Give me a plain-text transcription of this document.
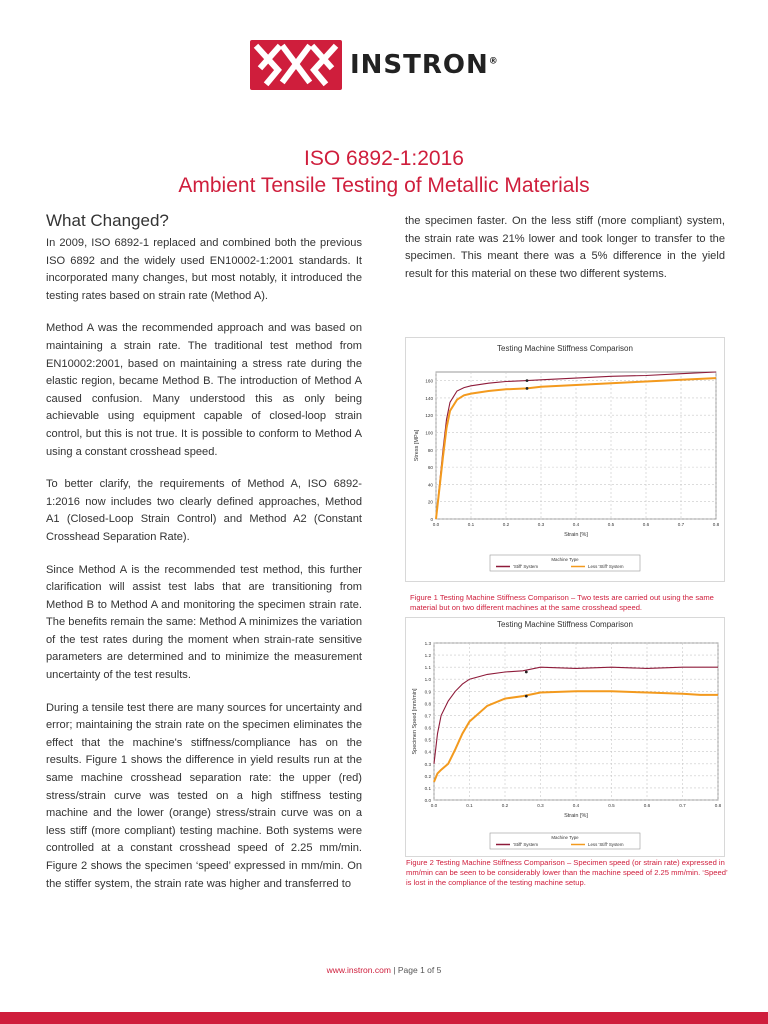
INSTRON®
ISO 6892-1:2016
Ambient Tensile Testing of Metallic Materials
What Changed?

In 2009, ISO 6892-1 replaced and combined both the previous ISO 6892 and the widely used EN10002-1:2001 standards. It incorporated many changes, but most notably, it introduced the testing rates based on strain rate (Method A).

Method A was the recommended approach and was based on maintaining a strain rate. The traditional test method from EN10002:2001, based on maintaining a stress rate during the elastic region, became Method B. The introduction of Method A caused confusion. Many understood this as only being achievable using equipment capable of closed-loop strain control, but this is not true. It is possible to conform to Method A using a constant crosshead speed.

To better clarify, the requirements of Method A, ISO 6892-1:2016 now includes two clearly defined approaches, Method A1 (Closed-Loop Strain Control) and Method A2 (Constant Crosshead Separation Rate).

Since Method A is the recommended test method, this further clarification will assist test labs that are transitioning from Method B to Method A and monitoring the specimen strain rate. The benefits remain the same: Method A minimizes the variation of the test rates during the moment when strain-rate sensitive parameters are determined and to minimize the measurement uncertainty of the test results.

During a tensile test there are many sources for uncertainty and error; maintaining the strain rate on the specimen eliminates the effect that the machine's stiffness/compliance has on the results. Figure 1 shows the difference in yield results run at the same machine crosshead separation rate: the upper (red) stress/strain curve was tested on a high stiffness testing machine and the lower (orange) stress/strain curve was on a less stiff (more compliant) testing machine. Both systems were controlled at a constant crosshead speed of 2.25 mm/min. Figure 2 shows the specimen ‘speed’ expressed in mm/min. On the stiffer system, the strain rate was higher and transferred to

the specimen faster. On the less stiff (more compliant) system, the strain rate was 21% lower and took longer to transfer to the specimen. This meant there was a 5% difference in the yield result for this material on these two different systems.

Testing Machine Stiffness Comparison
0
20
40
60
80
100
120
140
160
0.0	0.1	0.2	0.3	0.4	0.5	0.6	0.7	0.8
Strain [%]
Stress [MPa]
Machine Type
'Stiff' System	Less 'Stiff' System
Figure 1 Testing Machine Stiffness Comparison – Two tests are carried out using the same material but on two different machines at the same crosshead speed.
Testing Machine Stiffness Comparison
0.0
0.1
0.2
0.3
0.4
0.5
0.6
0.7
0.8
0.9
1.0
1.1
1.2
1.3
0.0	0.1	0.2	0.3	0.4	0.5	0.6	0.7	0.8
Strain [%]
Specimen Speed [mm/min]
Machine Type
'Stiff' System	Less 'Stiff' System
Figure 2 Testing Machine Stiffness Comparison – Specimen speed (or strain rate) expressed in mm/min can be seen to be considerably lower than the machine speed of 2.25 mm/min. ‘Speed’ is lost in the compliance of the testing machine setup.
www.instron.com | Page 1 of 5
